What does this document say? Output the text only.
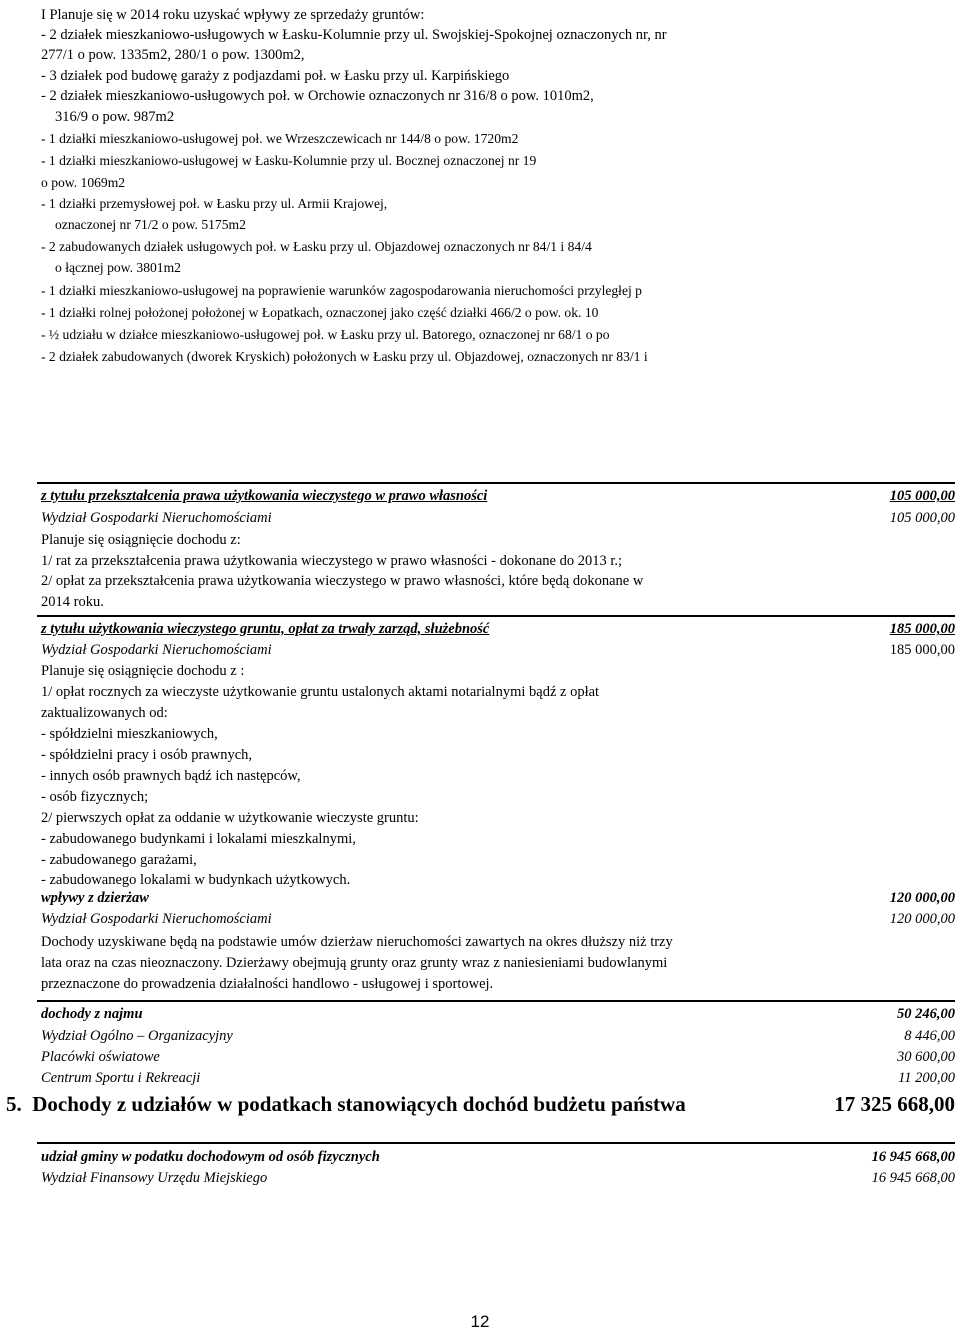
I Planuje się w 2014 roku uzyskać wpływy ze sprzedaży gruntów:
- 2 działek mieszkaniowo-usługowych w Łasku-Kolumnie przy ul. Swojskiej-Spokojnej oznaczonych nr, nr
277/1 o pow. 1335m2, 280/1 o pow. 1300m2,
- 3 działek pod budowę garaży z podjazdami poł. w Łasku przy ul. Karpińskiego
- 2 działek mieszkaniowo-usługowych poł. w Orchowie oznaczonych nr 316/8 o pow. 1010m2,
316/9 o pow. 987m2
- 1 działki mieszkaniowo-usługowej poł. we Wrzeszczewicach nr 144/8 o pow. 1720m2
- 1 działki mieszkaniowo-usługowej w Łasku-Kolumnie przy ul. Bocznej oznaczonej nr 19
o pow. 1069m2
- 1 działki przemysłowej poł. w Łasku przy ul. Armii Krajowej,
oznaczonej nr 71/2 o pow. 5175m2
- 2 zabudowanych działek usługowych poł. w Łasku przy ul. Objazdowej oznaczonych nr 84/1 i 84/4
o łącznej pow. 3801m2
- 1 działki mieszkaniowo-usługowej na poprawienie warunków zagospodarowania nieruchomości przyległej p
- 1 działki rolnej położonej położonej w Łopatkach, oznaczonej jako część działki 466/2 o pow. ok. 10
- ½ udziału w działce mieszkaniowo-usługowej poł. w Łasku przy ul. Batorego, oznaczonej nr 68/1 o po
- 2 działek zabudowanych (dworek Kryskich) położonych w Łasku przy ul. Objazdowej, oznaczonych nr 83/1 i
z tytułu przekształcenia prawa użytkowania wieczystego w prawo własności	105 000,00
Wydział Gospodarki Nieruchomościami	105 000,00
Planuje się osiągnięcie dochodu z:
1/ rat za przekształcenia prawa użytkowania wieczystego w prawo własności - dokonane do 2013 r.;
2/ opłat za przekształcenia prawa użytkowania wieczystego w prawo własności, które będą dokonane w
2014 roku.
z tytułu użytkowania wieczystego gruntu, opłat za trwały zarząd, służebność	185 000,00
Wydział Gospodarki Nieruchomościami	185 000,00
Planuje się osiągnięcie dochodu z :
1/ opłat rocznych za wieczyste użytkowanie gruntu ustalonych aktami notarialnymi bądź z opłat
zaktualizowanych od:
- spółdzielni mieszkaniowych,
- spółdzielni pracy i osób prawnych,
- innych osób prawnych bądź ich następców,
- osób fizycznych;
2/ pierwszych opłat za oddanie w użytkowanie wieczyste gruntu:
- zabudowanego budynkami i lokalami mieszkalnymi,
- zabudowanego garażami,
- zabudowanego lokalami w budynkach użytkowych.
wpływy z dzierżaw	120 000,00
Wydział Gospodarki Nieruchomościami	120 000,00
Dochody uzyskiwane będą na podstawie umów dzierżaw nieruchomości zawartych na okres dłuższy niż trzy
lata oraz na czas nieoznaczony. Dzierżawy obejmują grunty oraz grunty wraz z naniesieniami budowlanymi
przeznaczone do prowadzenia działalności handlowo - usługowej i sportowej.
dochody z najmu	50 246,00
Wydział Ogólno – Organizacyjny	8 446,00
Placówki oświatowe	30 600,00
Centrum Sportu i Rekreacji	11 200,00
5. Dochody z udziałów w podatkach stanowiących dochód budżetu państwa	17 325 668,00
udział gminy w podatku dochodowym od osób fizycznych	16 945 668,00
Wydział Finansowy Urzędu Miejskiego	16 945 668,00
12
